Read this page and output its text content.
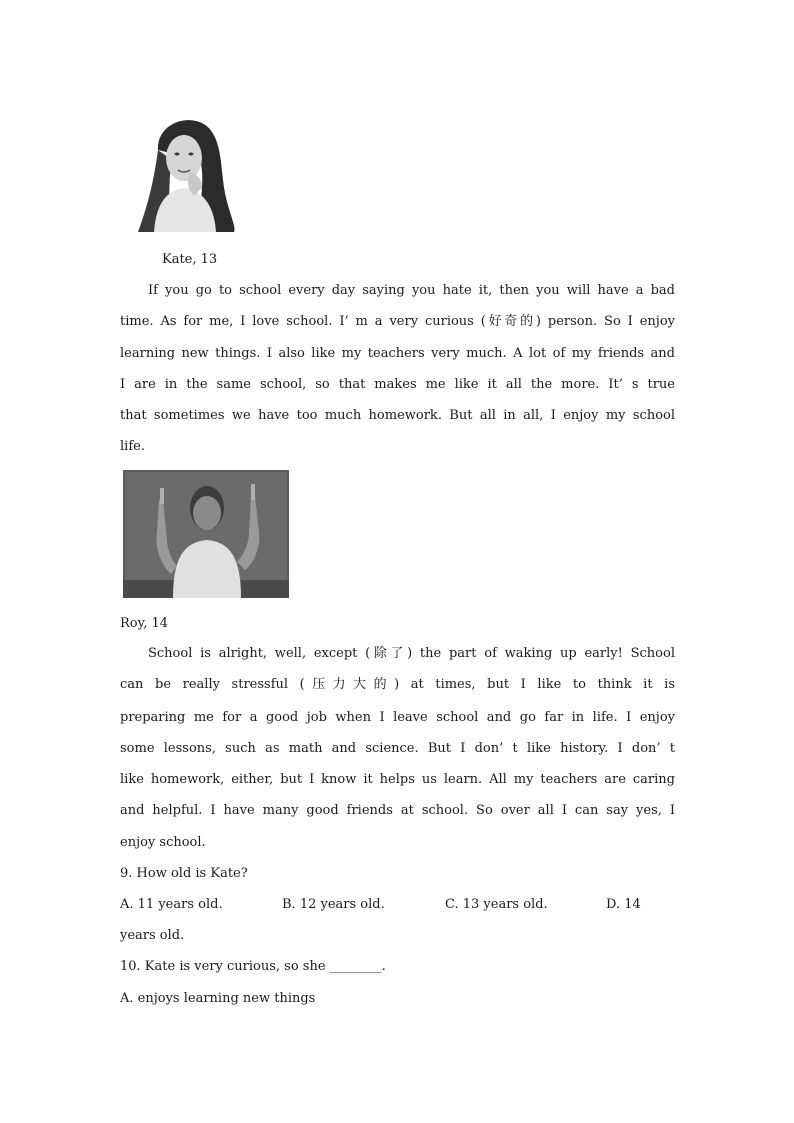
Kate, 13
If you go to school every day saying you hate it, then you will have a bad
time. As for me, I love school. I’ m a very curious (好奇的) person. So I enjoy
learning new things. I also like my teachers very much. A lot of my friends and
I are in the same school, so that makes me like it all the more. It’ s true
that sometimes we have too much homework. But all in all, I enjoy my school
life.
Roy, 14
School is alright, well, except (除了) the part of waking up early! School
can be really stressful (压力大的) at times, but I like to think it is
preparing me for a good job when I leave school and go far in life. I enjoy
some lessons, such as math and science. But I don’ t like history. I don’ t
like homework, either, but I know it helps us learn. All my teachers are caring
and helpful. I have many good friends at school. So over all I can say yes, I
enjoy school.
9. How old is Kate?
A. 11 years old.	B. 12 years old.	C. 13 years old.	D. 14
years old.
10. Kate is very curious, so she ________.
A. enjoys learning new things
